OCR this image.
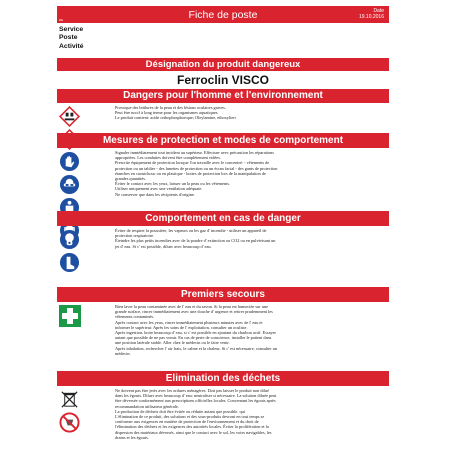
Fiche de poste	Date
19.10.2016
DE
Service
Poste
Activité
Désignation du produit dangereux
Ferroclin VISCO
Dangers pour l'homme et l'environnement

Provoque des brûlures de la peau et des lésions oculaires graves.
Peut être nocif à long terme pour les organismes aquatiques.
Le produit contient: acide orthophosphorique; Oleylamine, ethoxyliert
Mesures de protection et modes de comportement

Signaler immédiatement tout incident au supérieur. Effectuer avec précaution les réparations
appropriées. Les conduites doivent être complètement vidées.
Prescrite équipement de protection lorsque l'on travaille avec le concentré: - vêtements de
protection ou un tablier - des lunettes de protection ou un écran facial - des gants de protection
étanches en caoutchouc ou en plastique - bottes de protection lors de la manipulation de
grandes quantités.
Éviter le contact avec les yeux, laisser un la peau ou les vêtements.
Utiliser uniquement avec une ventilation adéquate.
Ne conserver que dans les récipients d'origine.
Comportement en cas de danger

Éviter de respirer la poussière, les vapeurs ou les gaz d' incendie - utiliser un appareil de
protection respiratoire.
Éteindre les plus petits incendies avec de la poudre d' extinction ou CO2 ou en pulvérisant un
jet d' eau. Si c' est possible, diluer avec beaucoup d' eau.
Premiers secours
Bien laver la peau contaminée avec de l' eau et du savon. Si la peau est humectée sur une
grande surface, rincer immédiatement avec une douche d' urgence et retirer prudemment les
vêtements contaminés.
Après contact avec les yeux, rincer immédiatement plusieurs minutes avec de l' eau et
informer le supérieur. Après les soins de l' exploitation, consulter un oculiste.
Après ingestion, boire beaucoup d' eau, si c' est possible en ajoutant du charbon actif. Essayer
autant que possible de ne pas vomir. En cas de perte de conscience, installer le patient dans
une position latérale stable. Aller chez le médecin ou le faire venir.
Après inhalation, rechercher l' air frais, le calme et la chaleur. Si c' est nécessaire, consulter un
médecin.
Elimination des déchets

Ne doivent pas être jetés avec les ordures ménagères. Doit pas laisser le produit non dilué
dans les égouts. Diluer avec beaucoup d' eau: neutraliser si nécessaire. La solution diluée peut
être déversée conformément aux prescriptions officielles locales. Concernant les égouts après
recommandation utilisateur générale.
La production de déchets doit être évitée ou réduite autant que possible. qui
L'élimination de ce produit, des solutions et des sous-produits devront en tout temps se
conformer aux exigences en matière de protection de l'environnement et du droit de
l'élimination des déchets et les exigences des autorités locales. Éviter la prolifération et la
dispersion des matériaux déversés, ainsi que le contact avec le sol, les voies navigables, les
drains et les égouts.
